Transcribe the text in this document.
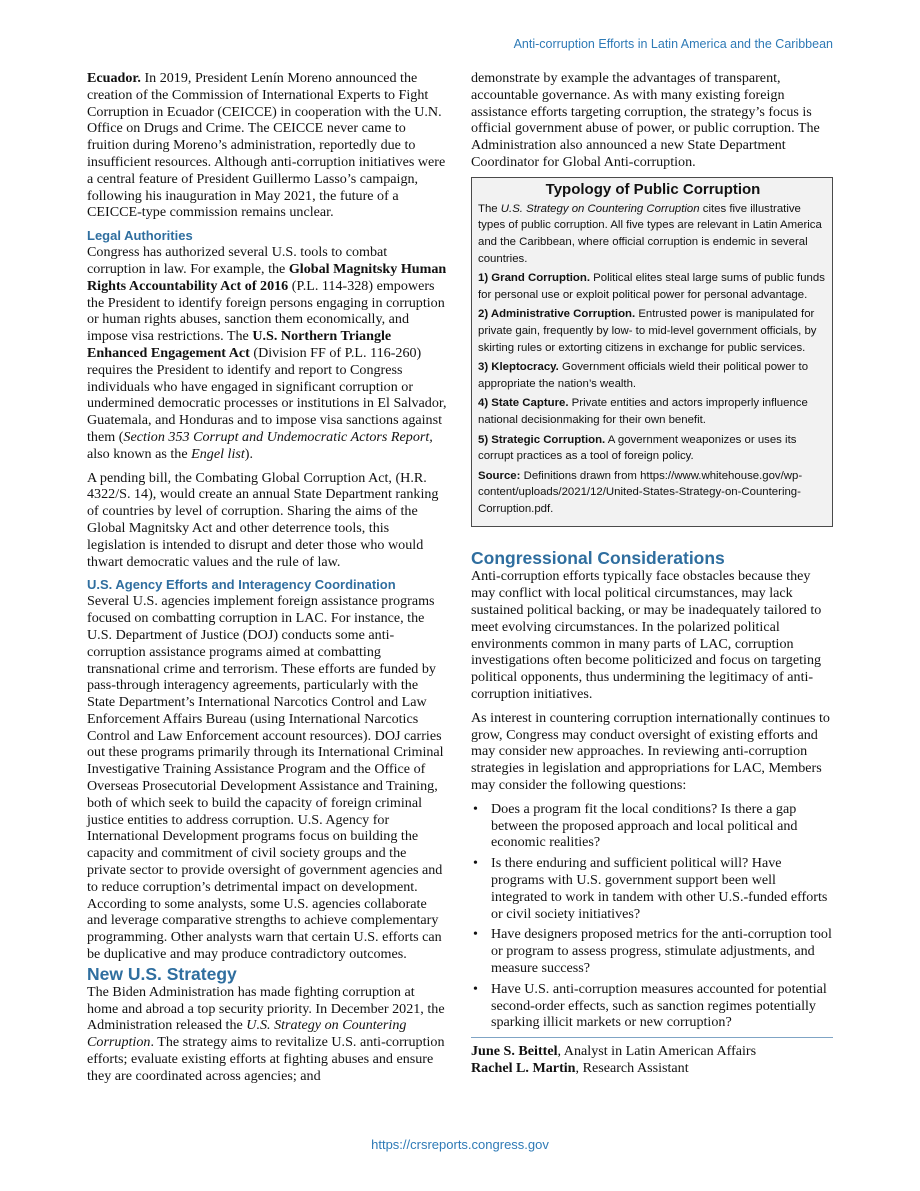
Anti-corruption Efforts in Latin America and the Caribbean

Ecuador. In 2019, President Lenín Moreno announced the creation of the Commission of International Experts to Fight Corruption in Ecuador (CEICCE) in cooperation with the U.N. Office on Drugs and Crime. The CEICCE never came to fruition during Moreno’s administration, reportedly due to insufficient resources. Although anti-corruption initiatives were a central feature of President Guillermo Lasso’s campaign, following his inauguration in May 2021, the future of a CEICCE-type commission remains unclear.

Legal Authorities

Congress has authorized several U.S. tools to combat corruption in law. For example, the Global Magnitsky Human Rights Accountability Act of 2016 (P.L. 114-328) empowers the President to identify foreign persons engaging in corruption or human rights abuses, sanction them economically, and impose visa restrictions. The U.S. Northern Triangle Enhanced Engagement Act (Division FF of P.L. 116-260) requires the President to identify and report to Congress individuals who have engaged in significant corruption or undermined democratic processes or institutions in El Salvador, Guatemala, and Honduras and to impose visa sanctions against them (Section 353 Corrupt and Undemocratic Actors Report, also known as the Engel list).

A pending bill, the Combating Global Corruption Act, (H.R. 4322/S. 14), would create an annual State Department ranking of countries by level of corruption. Sharing the aims of the Global Magnitsky Act and other deterrence tools, this legislation is intended to disrupt and deter those who would thwart democratic values and the rule of law.

U.S. Agency Efforts and Interagency Coordination

Several U.S. agencies implement foreign assistance programs focused on combatting corruption in LAC. For instance, the U.S. Department of Justice (DOJ) conducts some anti-corruption assistance programs aimed at combatting transnational crime and terrorism. These efforts are funded by pass-through interagency agreements, particularly with the State Department’s International Narcotics Control and Law Enforcement Affairs Bureau (using International Narcotics Control and Law Enforcement account resources). DOJ carries out these programs primarily through its International Criminal Investigative Training Assistance Program and the Office of Overseas Prosecutorial Development Assistance and Training, both of which seek to build the capacity of foreign criminal justice entities to address corruption. U.S. Agency for International Development programs focus on building the capacity and commitment of civil society groups and the private sector to provide oversight of government agencies and to reduce corruption’s detrimental impact on development. According to some analysts, some U.S. agencies collaborate and leverage comparative strengths to achieve complementary programming. Other analysts warn that certain U.S. efforts can be duplicative and may produce contradictory outcomes.

New U.S. Strategy

The Biden Administration has made fighting corruption at home and abroad a top security priority. In December 2021, the Administration released the U.S. Strategy on Countering Corruption. The strategy aims to revitalize U.S. anti-corruption efforts; evaluate existing efforts at fighting abuses and ensure they are coordinated across agencies; and

demonstrate by example the advantages of transparent, accountable governance. As with many existing foreign assistance efforts targeting corruption, the strategy’s focus is official government abuse of power, or public corruption. The Administration also announced a new State Department Coordinator for Global Anti-corruption.

Typology of Public Corruption

The U.S. Strategy on Countering Corruption cites five illustrative types of public corruption. All five types are relevant in Latin America and the Caribbean, where official corruption is endemic in several countries.

1) Grand Corruption. Political elites steal large sums of public funds for personal use or exploit political power for personal advantage.

2) Administrative Corruption. Entrusted power is manipulated for private gain, frequently by low- to mid-level government officials, by skirting rules or extorting citizens in exchange for public services.

3) Kleptocracy. Government officials wield their political power to appropriate the nation’s wealth.

4) State Capture. Private entities and actors improperly influence national decisionmaking for their own benefit.

5) Strategic Corruption. A government weaponizes or uses its corrupt practices as a tool of foreign policy.

Source: Definitions drawn from https://www.whitehouse.gov/wp-content/uploads/2021/12/United-States-Strategy-on-Countering-Corruption.pdf.

Congressional Considerations

Anti-corruption efforts typically face obstacles because they may conflict with local political circumstances, may lack sustained political backing, or may be inadequately tailored to meet evolving circumstances. In the polarized political environments common in many parts of LAC, corruption investigations often become politicized and focus on targeting political opponents, thus undermining the legitimacy of anti-corruption initiatives.

As interest in countering corruption internationally continues to grow, Congress may conduct oversight of existing efforts and may consider new approaches. In reviewing anti-corruption strategies in legislation and appropriations for LAC, Members may consider the following questions:

• Does a program fit the local conditions? Is there a gap between the proposed approach and local political and economic realities?
• Is there enduring and sufficient political will? Have programs with U.S. government support been well integrated to work in tandem with other U.S.-funded efforts or civil society initiatives?
• Have designers proposed metrics for the anti-corruption tool or program to assess progress, stimulate adjustments, and measure success?
• Have U.S. anti-corruption measures accounted for potential second-order effects, such as sanction regimes potentially sparking illicit markets or new corruption?
June S. Beittel, Analyst in Latin American Affairs
Rachel L. Martin, Research Assistant
https://crsreports.congress.gov
